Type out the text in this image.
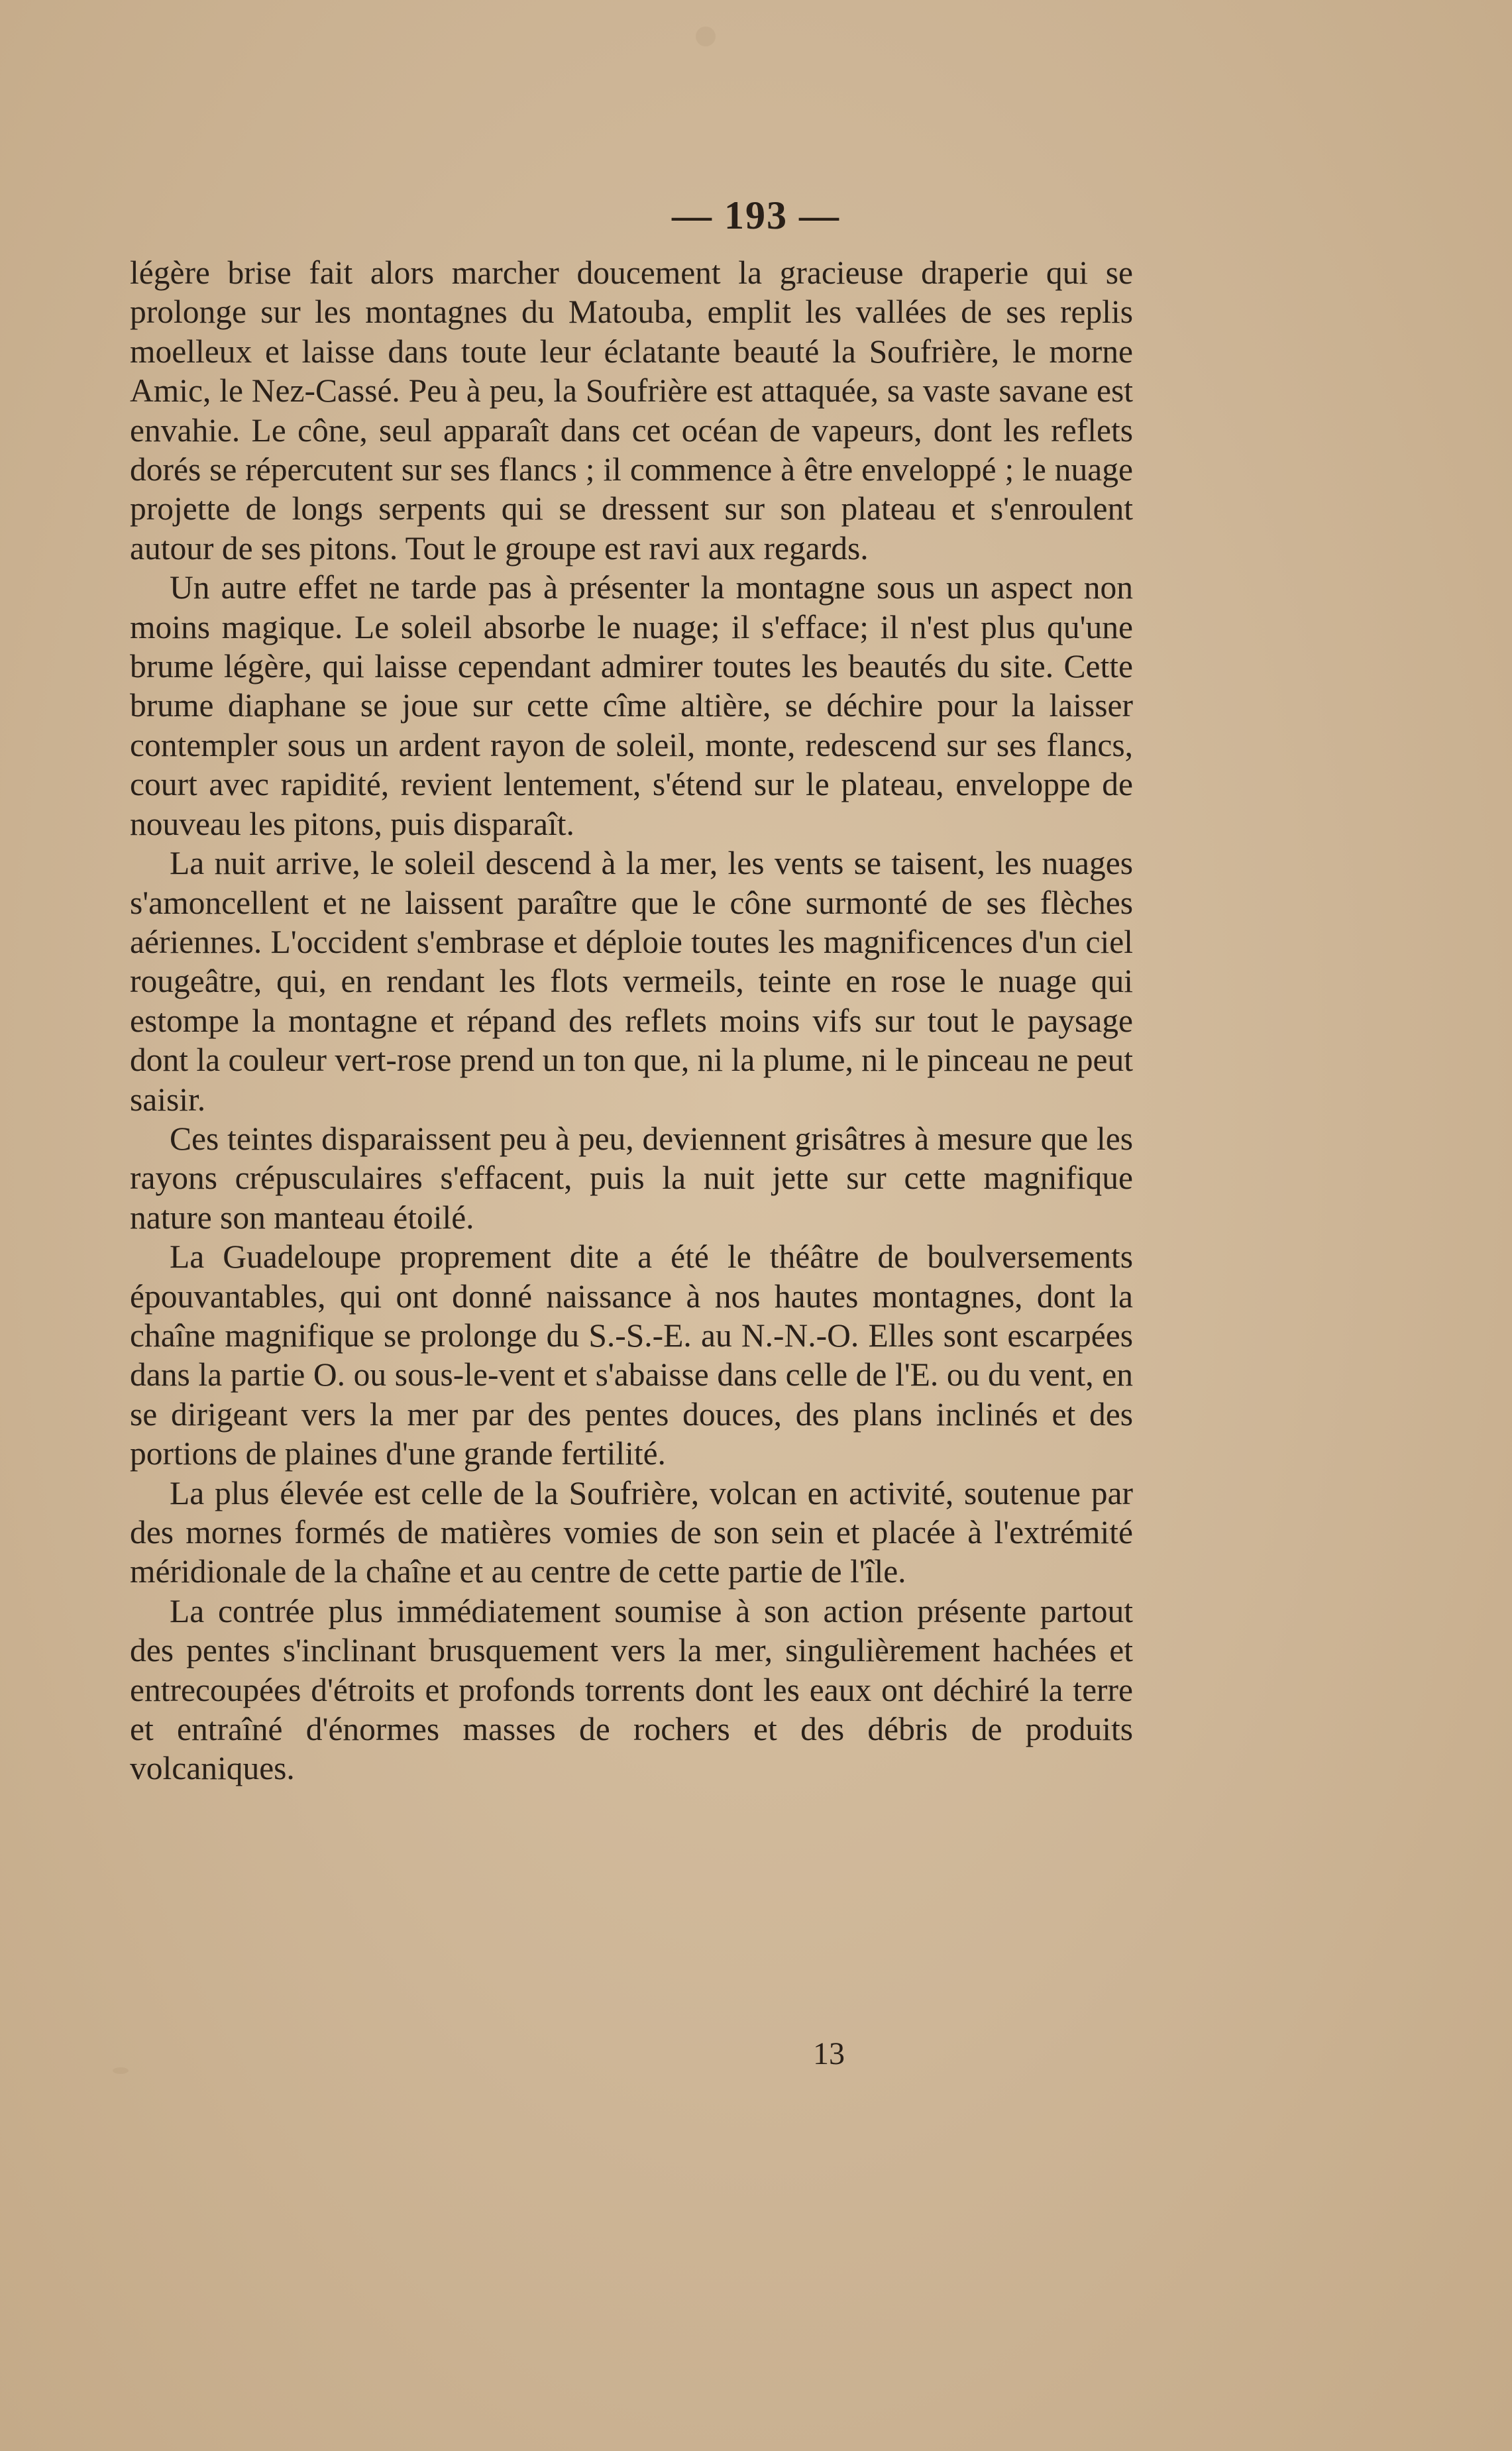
— 193 —

légère brise fait alors marcher doucement la gracieuse draperie qui se prolonge sur les montagnes du Matouba, emplit les vallées de ses replis moelleux et laisse dans toute leur éclatante beauté la Soufrière, le morne Amic, le Nez-Cassé. Peu à peu, la Soufrière est attaquée, sa vaste savane est envahie. Le cône, seul apparaît dans cet océan de vapeurs, dont les reflets dorés se répercutent sur ses flancs ; il commence à être enveloppé ; le nuage projette de longs serpents qui se dressent sur son plateau et s'enroulent autour de ses pitons. Tout le groupe est ravi aux regards.

Un autre effet ne tarde pas à présenter la montagne sous un aspect non moins magique. Le soleil absorbe le nuage; il s'efface; il n'est plus qu'une brume légère, qui laisse cependant admirer toutes les beautés du site. Cette brume diaphane se joue sur cette cîme altière, se déchire pour la laisser contempler sous un ardent rayon de soleil, monte, redescend sur ses flancs, court avec rapidité, revient lentement, s'étend sur le plateau, enveloppe de nouveau les pitons, puis disparaît.

La nuit arrive, le soleil descend à la mer, les vents se taisent, les nuages s'amoncellent et ne laissent paraître que le cône surmonté de ses flèches aériennes. L'occident s'embrase et déploie toutes les magnificences d'un ciel rougeâtre, qui, en rendant les flots vermeils, teinte en rose le nuage qui estompe la montagne et répand des reflets moins vifs sur tout le paysage dont la couleur vert-rose prend un ton que, ni la plume, ni le pinceau ne peut saisir.

Ces teintes disparaissent peu à peu, deviennent grisâtres à mesure que les rayons crépusculaires s'effacent, puis la nuit jette sur cette magnifique nature son manteau étoilé.

La Guadeloupe proprement dite a été le théâtre de boulversements épouvantables, qui ont donné naissance à nos hautes montagnes, dont la chaîne magnifique se prolonge du S.-S.-E. au N.-N.-O. Elles sont escarpées dans la partie O. ou sous-le-vent et s'abaisse dans celle de l'E. ou du vent, en se dirigeant vers la mer par des pentes douces, des plans inclinés et des portions de plaines d'une grande fertilité.

La plus élevée est celle de la Soufrière, volcan en activité, soutenue par des mornes formés de matières vomies de son sein et placée à l'extrémité méridionale de la chaîne et au centre de cette partie de l'île.

La contrée plus immédiatement soumise à son action présente partout des pentes s'inclinant brusquement vers la mer, singulièrement hachées et entrecoupées d'étroits et profonds torrents dont les eaux ont déchiré la terre et entraîné d'énormes masses de rochers et des débris de produits volcaniques.

13
